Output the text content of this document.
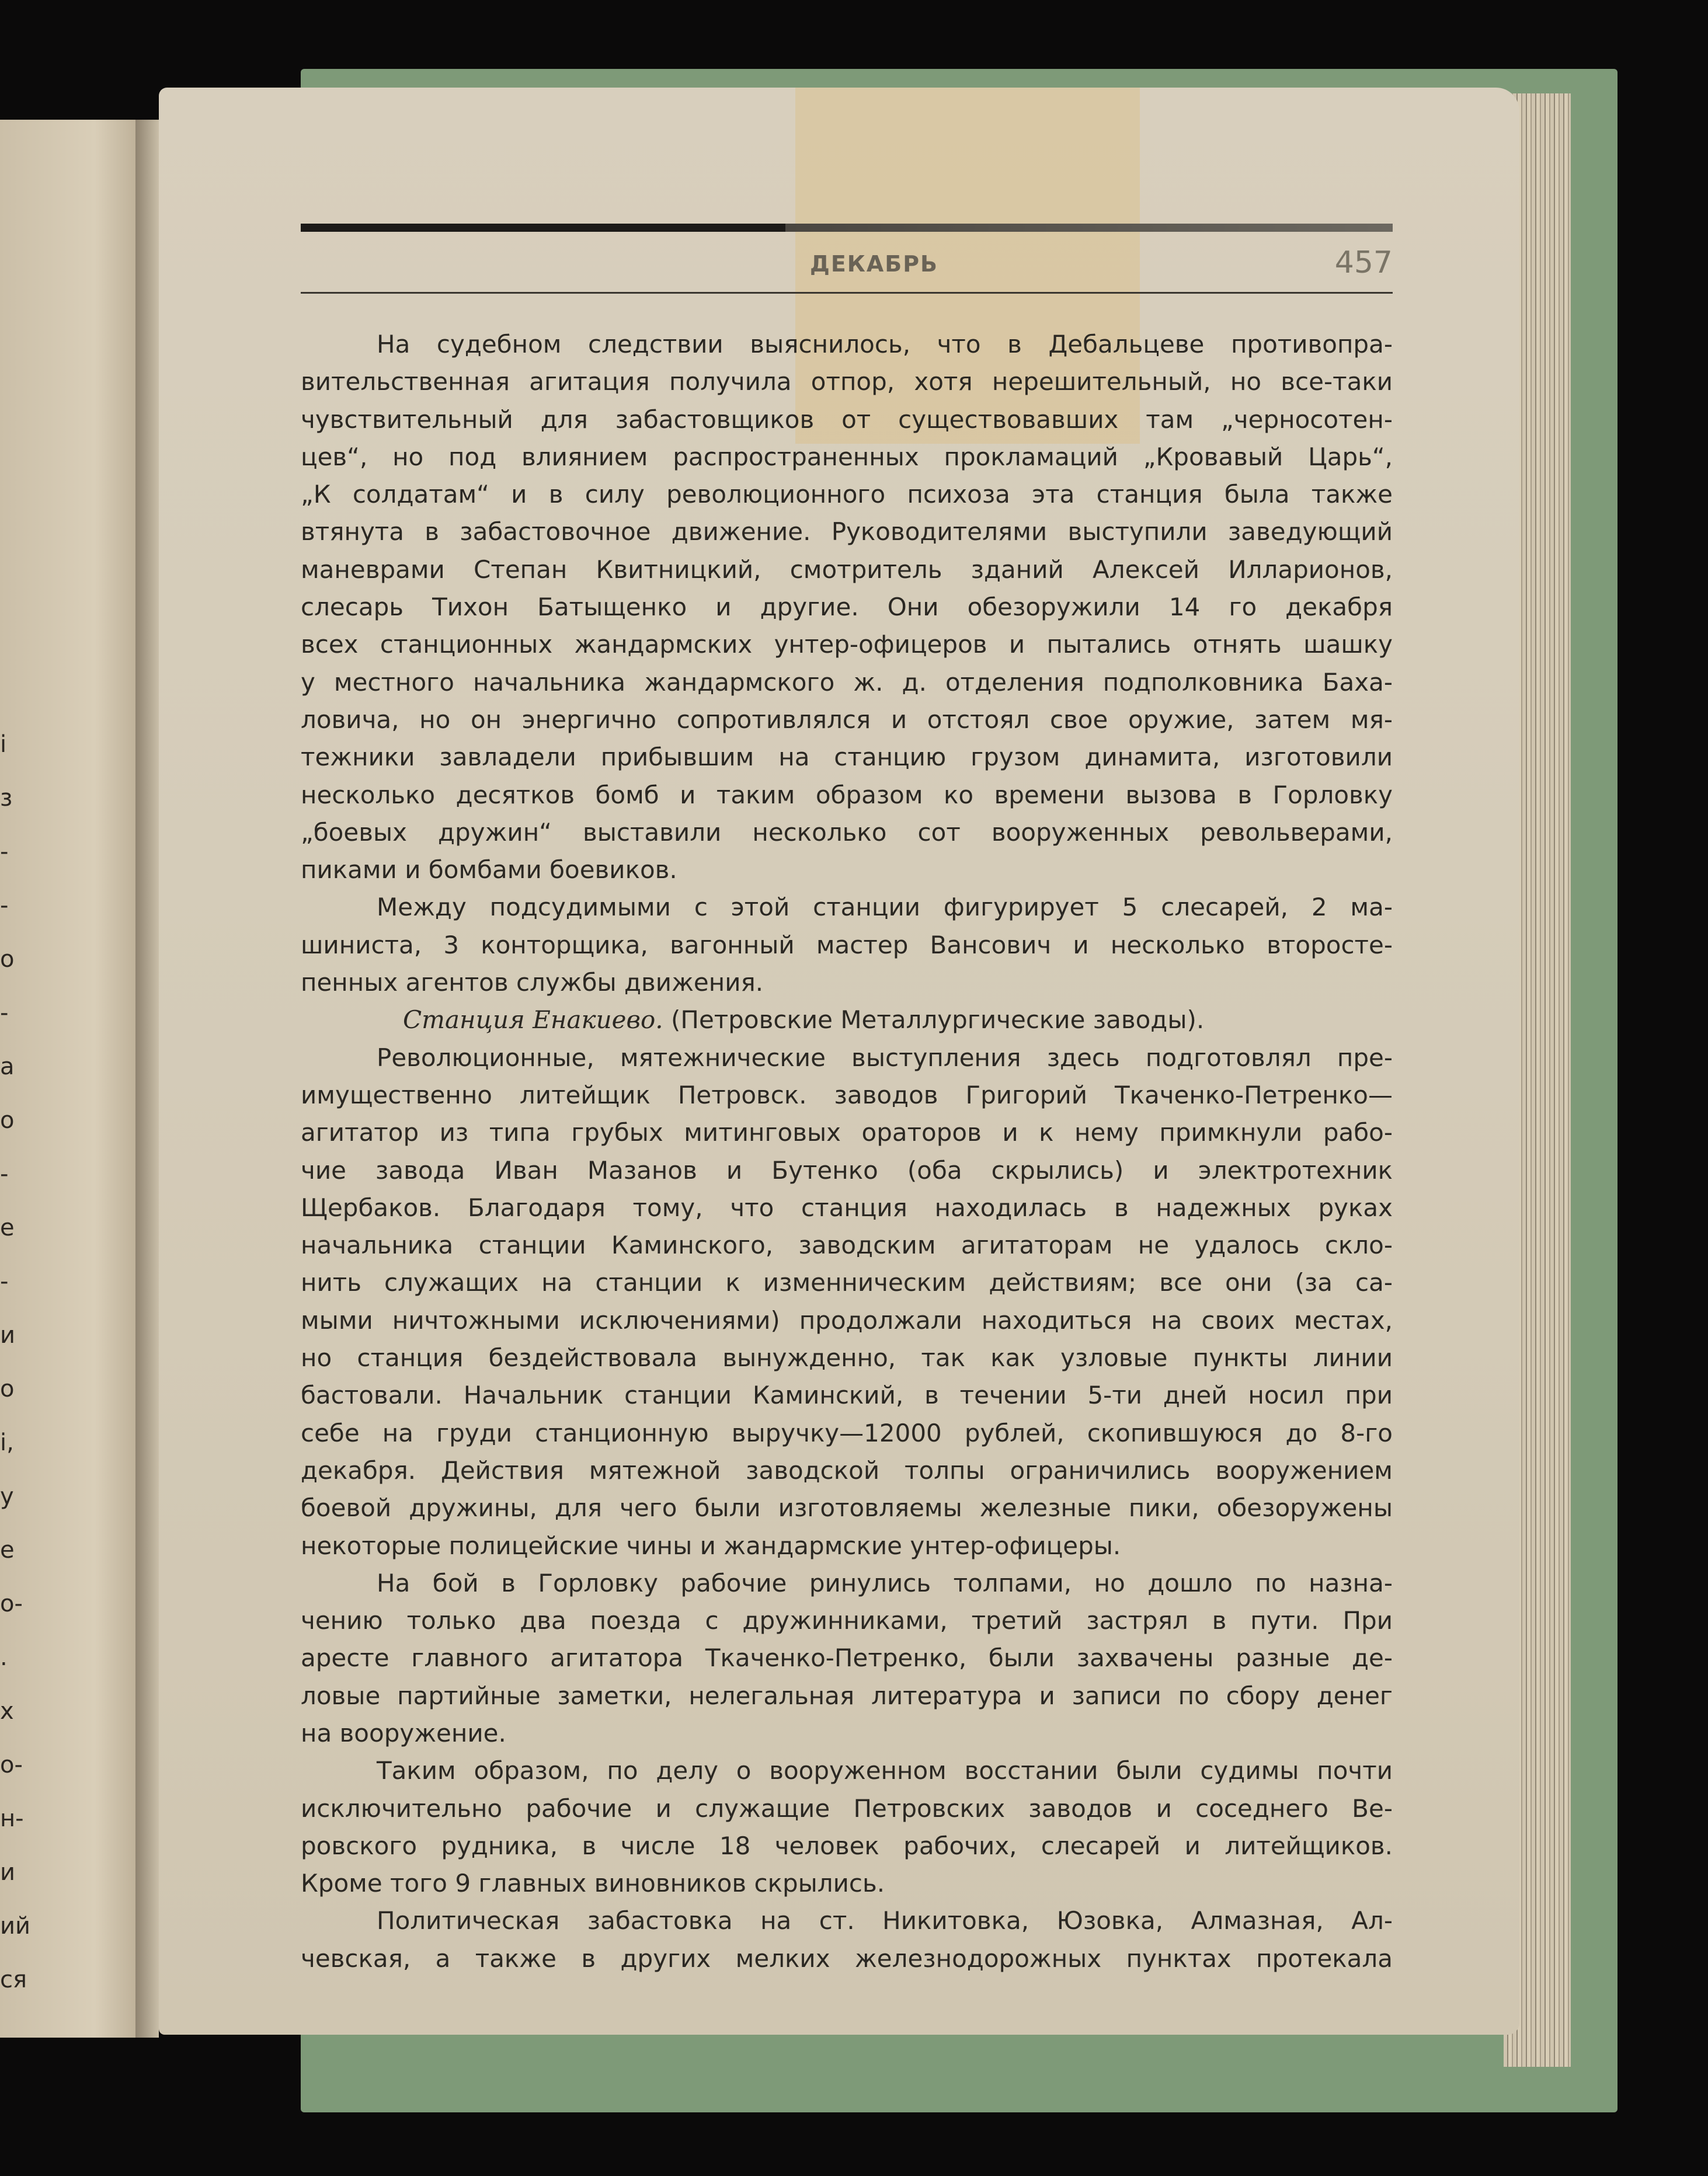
і
з
-
-
о
-
а
о
-
е
-
и
о
і,
у
е
о-
.
х
о-
н-
и
ий
ся
ДЕКАБРЬ	457
На судебном следствии выяснилось, что в Дебальцеве противопра-
вительственная агитация получила отпор, хотя нерешительный, но все-таки
чувствительный для забастовщиков от существовавших там „черносотен-
цев“, но под влиянием распространенных прокламаций „Кровавый Царь“,
„К солдатам“ и в силу революционного психоза эта станция была также
втянута в забастовочное движение. Руководителями выступили заведующий
маневрами Степан Квитницкий, смотритель зданий Алексей Илларионов,
слесарь Тихон Батыщенко и другие. Они обезоружили 14 го декабря
всех станционных жандармских унтер-офицеров и пытались отнять шашку
у местного начальника жандармского ж. д. отделения подполковника Баха-
ловича, но он энергично сопротивлялся и отстоял свое оружие, затем мя-
тежники завладели прибывшим на станцию грузом динамита, изготовили
несколько десятков бомб и таким образом ко времени вызова в Горловку
„боевых дружин“ выставили несколько сот вооруженных револьверами,
пиками и бомбами боевиков.
Между подсудимыми с этой станции фигурирует 5 слесарей, 2 ма-
шиниста, 3 конторщика, вагонный мастер Вансович и несколько второсте-
пенных агентов службы движения.
Станция Енакиево. (Петровские Металлургические заводы).
Революционные, мятежнические выступления здесь подготовлял пре-
имущественно литейщик Петровск. заводов Григорий Ткаченко-Петренко—
агитатор из типа грубых митинговых ораторов и к нему примкнули рабо-
чие завода Иван Мазанов и Бутенко (оба скрылись) и электротехник
Щербаков. Благодаря тому, что станция находилась в надежных руках
начальника станции Каминского, заводским агитаторам не удалось скло-
нить служащих на станции к изменническим действиям; все они (за са-
мыми ничтожными исключениями) продолжали находиться на своих местах,
но станция бездействовала вынужденно, так как узловые пункты линии
бастовали. Начальник станции Каминский, в течении 5-ти дней носил при
себе на груди станционную выручку—12000 рублей, скопившуюся до 8-го
декабря. Действия мятежной заводской толпы ограничились вооружением
боевой дружины, для чего были изготовляемы железные пики, обезоружены
некоторые полицейские чины и жандармские унтер-офицеры.
На бой в Горловку рабочие ринулись толпами, но дошло по назна-
чению только два поезда с дружинниками, третий застрял в пути. При
аресте главного агитатора Ткаченко-Петренко, были захвачены разные де-
ловые партийные заметки, нелегальная литература и записи по сбору денег
на вооружение.
Таким образом, по делу о вооруженном восстании были судимы почти
исключительно рабочие и служащие Петровских заводов и соседнего Ве-
ровского рудника, в числе 18 человек рабочих, слесарей и литейщиков.
Кроме того 9 главных виновников скрылись.
Политическая забастовка на ст. Никитовка, Юзовка, Алмазная, Ал-
чевская, а также в других мелких железнодорожных пунктах протекала
